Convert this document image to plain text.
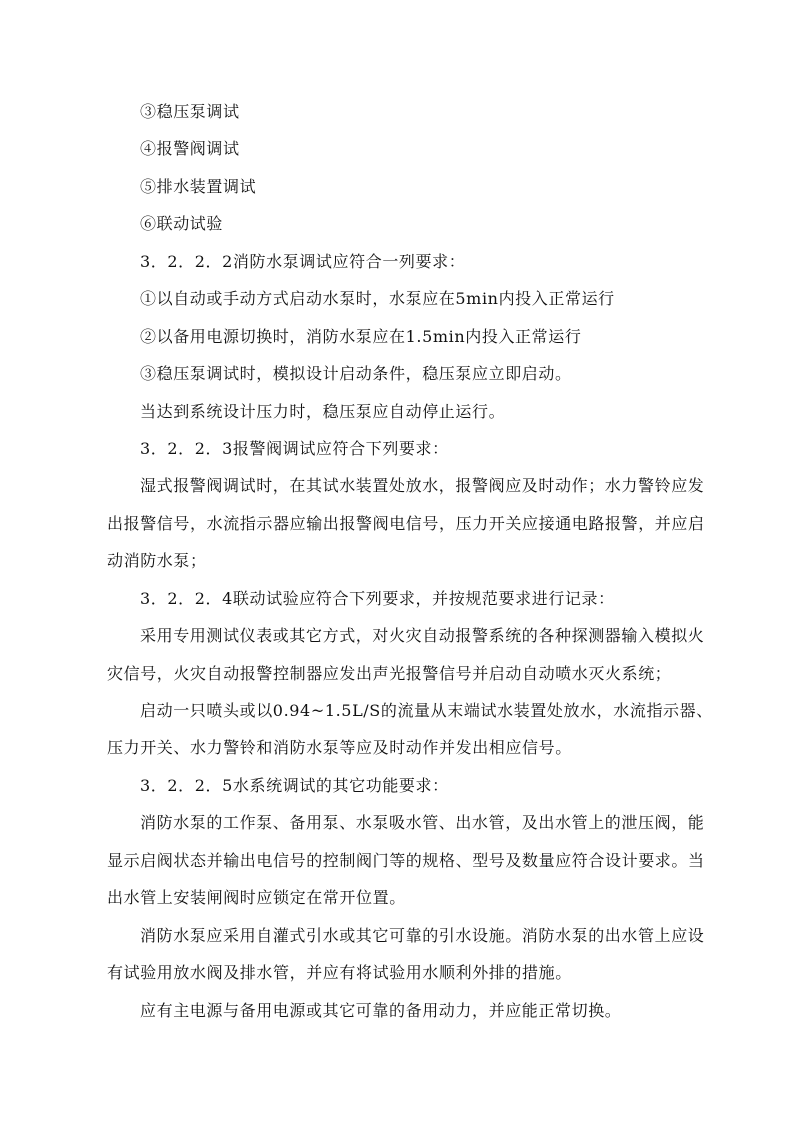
③稳压泵调试
④报警阀调试
⑤排水装置调试
⑥联动试验
3．2．2．2消防水泵调试应符合一列要求：
①以自动或手动方式启动水泵时，水泵应在5min内投入正常运行
②以备用电源切换时，消防水泵应在1.5min内投入正常运行
③稳压泵调试时，模拟设计启动条件，稳压泵应立即启动。
当达到系统设计压力时，稳压泵应自动停止运行。
3．2．2．3报警阀调试应符合下列要求：
湿式报警阀调试时，在其试水装置处放水，报警阀应及时动作；水力警铃应发
出报警信号，水流指示器应输出报警阀电信号，压力开关应接通电路报警，并应启
动消防水泵；
3．2．2．4联动试验应符合下列要求，并按规范要求进行记录：
采用专用测试仪表或其它方式，对火灾自动报警系统的各种探测器输入模拟火
灾信号，火灾自动报警控制器应发出声光报警信号并启动自动喷水灭火系统；
启动一只喷头或以0.94~1.5L/S的流量从末端试水装置处放水，水流指示器、
压力开关、水力警铃和消防水泵等应及时动作并发出相应信号。
3．2．2．5水系统调试的其它功能要求：
消防水泵的工作泵、备用泵、水泵吸水管、出水管，及出水管上的泄压阀，能
显示启阀状态并输出电信号的控制阀门等的规格、型号及数量应符合设计要求。当
出水管上安装闸阀时应锁定在常开位置。
消防水泵应采用自灌式引水或其它可靠的引水设施。消防水泵的出水管上应设
有试验用放水阀及排水管，并应有将试验用水顺利外排的措施。
应有主电源与备用电源或其它可靠的备用动力，并应能正常切换。
